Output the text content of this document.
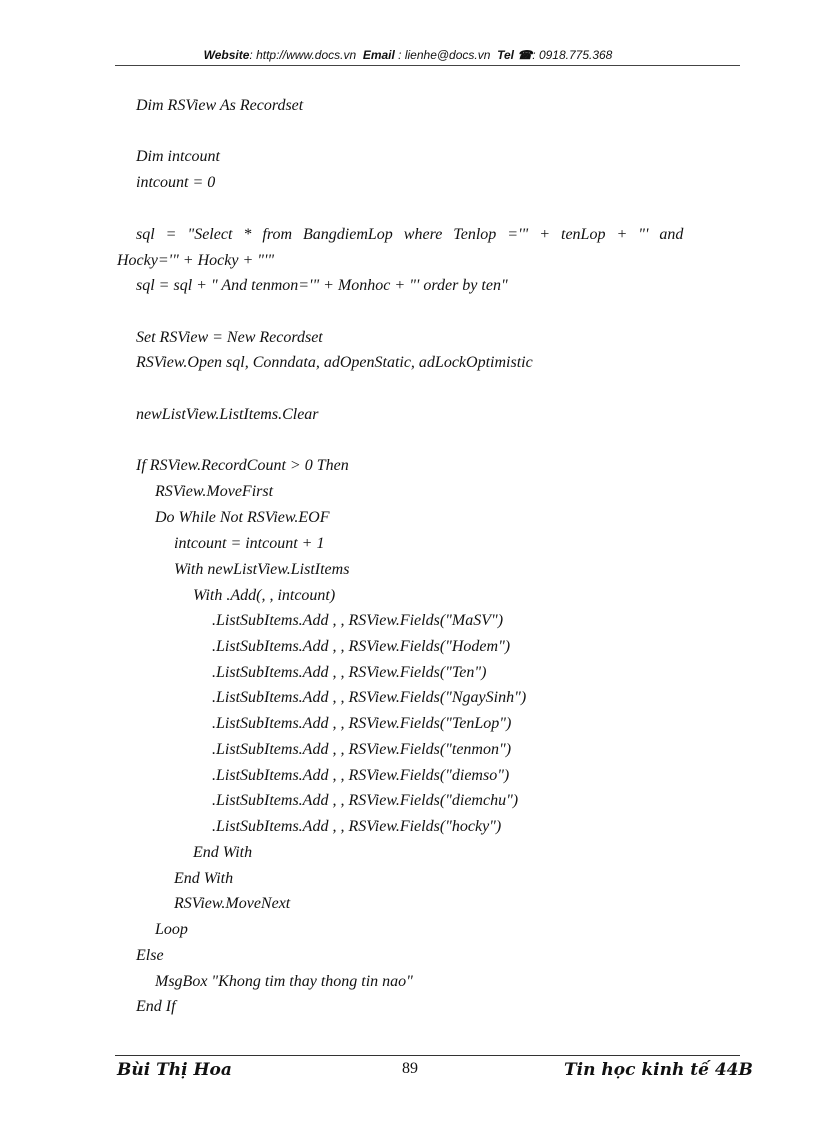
Website: http://www.docs.vn Email : lienhe@docs.vn Tel ☎: 0918.775.368
Dim RSView As Recordset
Dim intcount
intcount = 0
sql = "Select * from BangdiemLop where Tenlop ='" + tenLop + "' and
Hocky='" + Hocky + "'"
sql = sql + " And tenmon='" + Monhoc + "' order by ten"
Set RSView = New Recordset
RSView.Open sql, Conndata, adOpenStatic, adLockOptimistic
newListView.ListItems.Clear
If RSView.RecordCount > 0 Then
RSView.MoveFirst
Do While Not RSView.EOF
intcount = intcount + 1
With newListView.ListItems
With .Add(, , intcount)
.ListSubItems.Add , , RSView.Fields("MaSV")
.ListSubItems.Add , , RSView.Fields("Hodem")
.ListSubItems.Add , , RSView.Fields("Ten")
.ListSubItems.Add , , RSView.Fields("NgaySinh")
.ListSubItems.Add , , RSView.Fields("TenLop")
.ListSubItems.Add , , RSView.Fields("tenmon")
.ListSubItems.Add , , RSView.Fields("diemso")
.ListSubItems.Add , , RSView.Fields("diemchu")
.ListSubItems.Add , , RSView.Fields("hocky")
End With
End With
RSView.MoveNext
Loop
Else
MsgBox "Khong tim thay thong tin nao"
End If
Bùi Thị Hoa	89	Tin học kinh tế 44B
